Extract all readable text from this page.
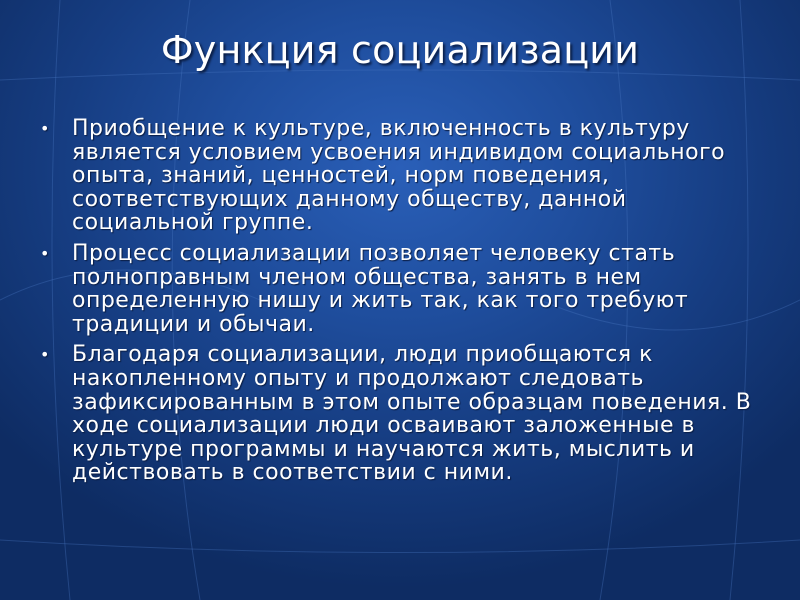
Функция социализации
• Приобщение к культуре, включенность в культуру является условием усвоения индивидом социального опыта, знаний, ценностей, норм поведения, соответствующих данному обществу, данной социальной группе.
• Процесс социализации позволяет человеку стать полноправным членом общества, занять в нем определенную нишу и жить так, как того требуют традиции и обычаи.
• Благодаря социализации, люди приобщаются к накопленному опыту и продолжают следовать зафиксированным в этом опыте образцам поведения. В ходе социализации люди осваивают заложенные в культуре программы и научаются жить, мыслить и действовать в соответствии с ними.
